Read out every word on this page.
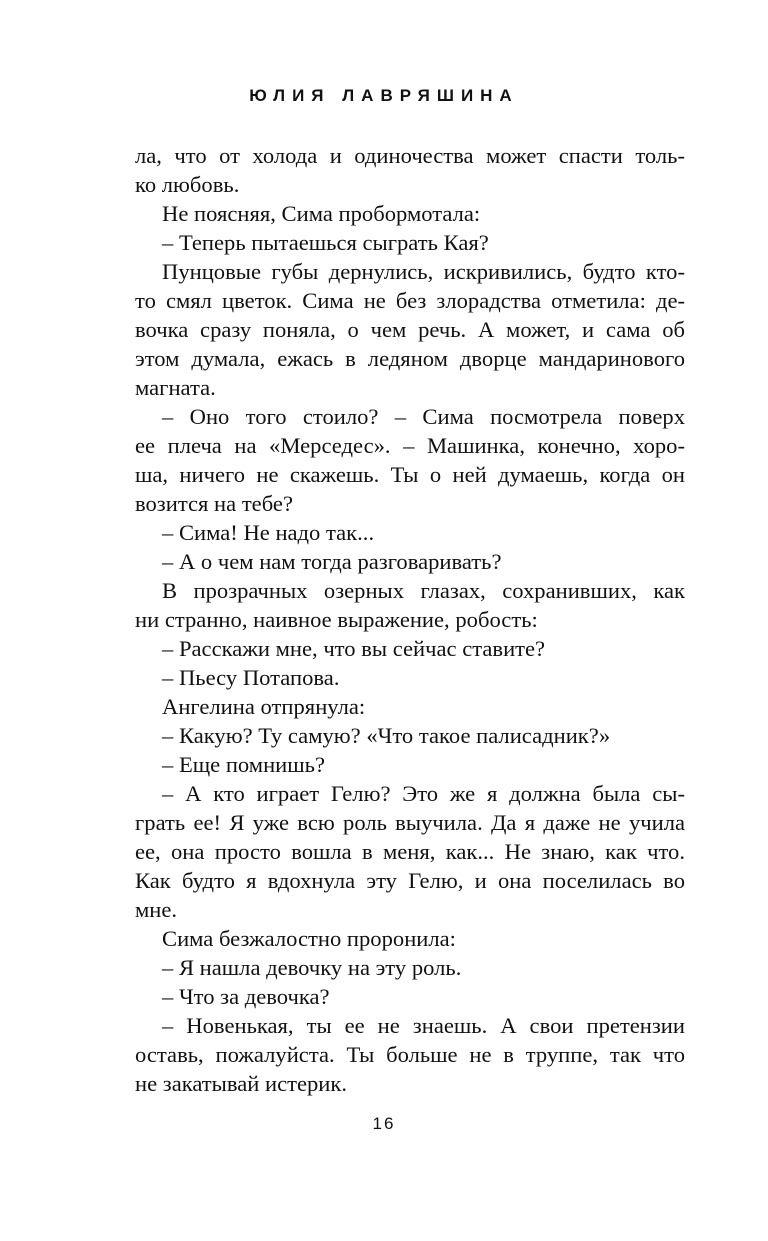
ЮЛИЯ ЛАВРЯШИНА
ла, что от холода и одиночества может спасти толь-
ко любовь.
Не поясняя, Сима пробормотала:
– Теперь пытаешься сыграть Кая?
Пунцовые губы дернулись, искривились, будто кто-
то смял цветок. Сима не без злорадства отметила: де-
вочка сразу поняла, о чем речь. А может, и сама об
этом думала, ежась в ледяном дворце мандаринового
магната.
– Оно того стоило? – Сима посмотрела поверх
ее плеча на «Мерседес». – Машинка, конечно, хоро-
ша, ничего не скажешь. Ты о ней думаешь, когда он
возится на тебе?
– Сима! Не надо так...
– А о чем нам тогда разговаривать?
В прозрачных озерных глазах, сохранивших, как
ни странно, наивное выражение, робость:
– Расскажи мне, что вы сейчас ставите?
– Пьесу Потапова.
Ангелина отпрянула:
– Какую? Ту самую? «Что такое палисадник?»
– Еще помнишь?
– А кто играет Гелю? Это же я должна была сы-
грать ее! Я уже всю роль выучила. Да я даже не учила
ее, она просто вошла в меня, как... Не знаю, как что.
Как будто я вдохнула эту Гелю, и она поселилась во
мне.
Сима безжалостно проронила:
– Я нашла девочку на эту роль.
– Что за девочка?
– Новенькая, ты ее не знаешь. А свои претензии
оставь, пожалуйста. Ты больше не в труппе, так что
не закатывай истерик.
16
